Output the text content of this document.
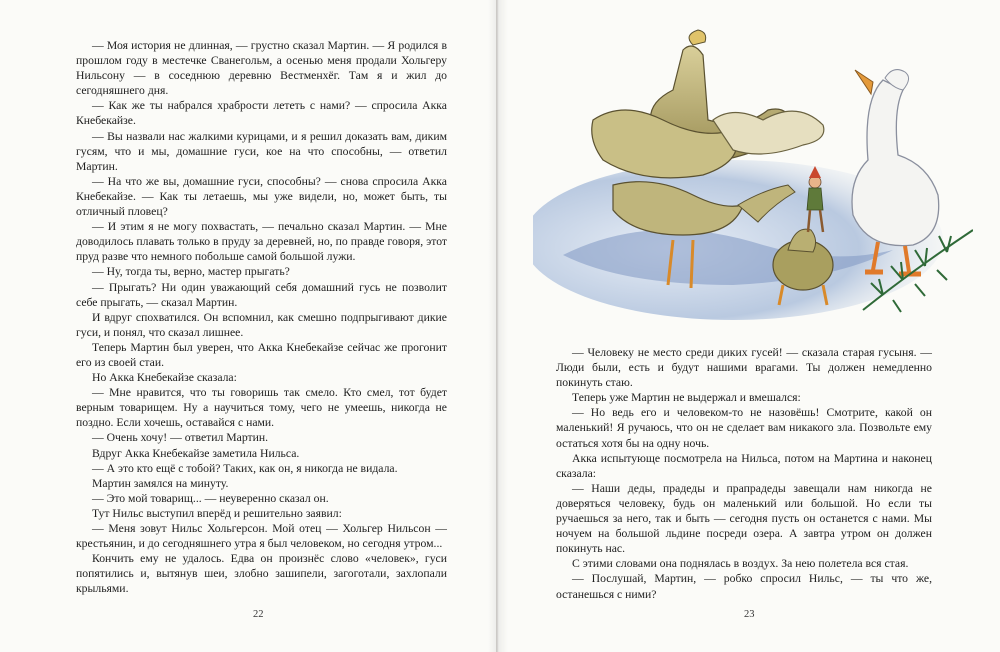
— Моя история не длинная, — грустно сказал Мартин. — Я родился в прошлом году в местечке Сванегольм, а осенью меня продали Хольгеру Нильсону — в соседнюю деревню Вестменхёг. Там я и жил до сегодняшнего дня.

— Как же ты набрался храбрости лететь с нами? — спросила Акка Кнебекайзе.

— Вы назвали нас жалкими курицами, и я решил доказать вам, диким гусям, что и мы, домашние гуси, кое на что способны, — ответил Мартин.

— На что же вы, домашние гуси, способны? — снова спросила Акка Кнебекайзе. — Как ты летаешь, мы уже видели, но, может быть, ты отличный пловец?

— И этим я не могу похвастать, — печально сказал Мартин. — Мне доводилось плавать только в пруду за деревней, но, по правде говоря, этот пруд разве что немного побольше самой большой лужи.

— Ну, тогда ты, верно, мастер прыгать?

— Прыгать? Ни один уважающий себя домашний гусь не позволит себе прыгать, — сказал Мартин.

И вдруг спохватился. Он вспомнил, как смешно подпрыгивают дикие гуси, и понял, что сказал лишнее.

Теперь Мартин был уверен, что Акка Кнебекайзе сейчас же прогонит его из своей стаи.

Но Акка Кнебекайзе сказала:

— Мне нравится, что ты говоришь так смело. Кто смел, тот будет верным товарищем. Ну а научиться тому, чего не умеешь, никогда не поздно. Если хочешь, оставайся с нами.

— Очень хочу! — ответил Мартин.

Вдруг Акка Кнебекайзе заметила Нильса.

— А это кто ещё с тобой? Таких, как он, я никогда не видала.

Мартин замялся на минуту.

— Это мой товарищ... — неуверенно сказал он.

Тут Нильс выступил вперёд и решительно заявил:

— Меня зовут Нильс Хольгерсон. Мой отец — Хольгер Нильсон — крестьянин, и до сегодняшнего утра я был человеком, но сегодня утром...

Кончить ему не удалось. Едва он произнёс слово «человек», гуси попятились и, вытянув шеи, злобно зашипели, загоготали, захлопали крыльями.

22

— Человеку не место среди диких гусей! — сказала старая гусыня. — Люди были, есть и будут нашими врагами. Ты должен немедленно покинуть стаю.

Теперь уже Мартин не выдержал и вмешался:

— Но ведь его и человеком-то не назовёшь! Смотрите, какой он маленький! Я ручаюсь, что он не сделает вам никакого зла. Позвольте ему остаться хотя бы на одну ночь.

Акка испытующе посмотрела на Нильса, потом на Мартина и наконец сказала:

— Наши деды, прадеды и прапрадеды завещали нам никогда не доверяться человеку, будь он маленький или большой. Но если ты ручаешься за него, так и быть — сегодня пусть он останется с нами. Мы ночуем на большой льдине посреди озера. А завтра утром он должен покинуть нас.

С этими словами она поднялась в воздух. За нею полетела вся стая.

— Послушай, Мартин, — робко спросил Нильс, — ты что же, останешься с ними?

23
